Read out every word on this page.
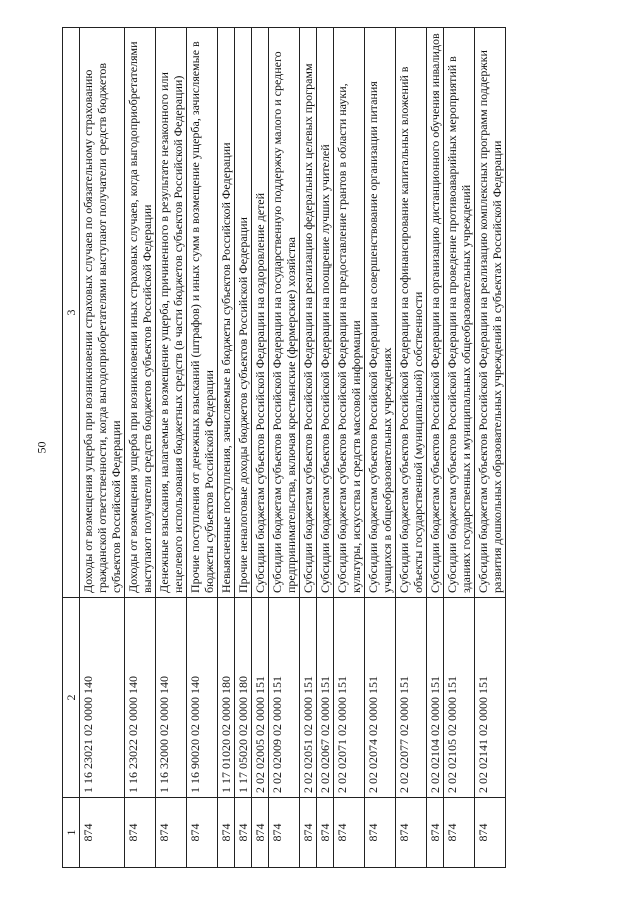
50
1	2	3
874	1 16 23021 02 0000 140	Доходы от возмещения ущерба при возникновении страховых случаев по обязательному страхованию гражданской ответственности, когда выгодоприобретателями выступают получатели средств бюджетов субъектов Российской Федерации
874	1 16 23022 02 0000 140	Доходы от возмещения ущерба при возникновении иных страховых случаев, когда выгодоприобретателями выступают получатели средств бюджетов субъектов Российской Федерации
874	1 16 32000 02 0000 140	Денежные взыскания, налагаемые в возмещение ущерба, причиненного в результате незаконного или нецелевого использования бюджетных средств (в части бюджетов субъектов Российской Федерации)
874	1 16 90020 02 0000 140	Прочие поступления от денежных взысканий (штрафов) и иных сумм в возмещение ущерба, зачисляемые в бюджеты субъектов Российской Федерации
874	1 17 01020 02 0000 180	Невыясненные поступления, зачисляемые в бюджеты субъектов Российской Федерации
874	1 17 05020 02 0000 180	Прочие неналоговые доходы бюджетов субъектов Российской Федерации
874	2 02 02005 02 0000 151	Субсидии бюджетам субъектов Российской Федерации на оздоровление детей
874	2 02 02009 02 0000 151	Субсидии бюджетам субъектов Российской Федерации на государственную поддержку малого и среднего предпринимательства, включая крестьянские (фермерские) хозяйства
874	2 02 02051 02 0000 151	Субсидии бюджетам субъектов Российской Федерации на реализацию федеральных целевых программ
874	2 02 02067 02 0000 151	Субсидии бюджетам субъектов Российской Федерации на поощрение лучших учителей
874	2 02 02071 02 0000 151	Субсидии бюджетам субъектов Российской Федерации на предоставление грантов в области науки, культуры, искусства и средств массовой информации
874	2 02 02074 02 0000 151	Субсидии бюджетам субъектов Российской Федерации на совершенствование организации питания учащихся в общеобразовательных учреждениях
874	2 02 02077 02 0000 151	Субсидии бюджетам субъектов Российской Федерации на софинансирование капитальных вложений в объекты государственной (муниципальной) собственности
874	2 02 02104 02 0000 151	Субсидии бюджетам субъектов Российской Федерации на организацию дистанционного обучения инвалидов
874	2 02 02105 02 0000 151	Субсидии бюджетам субъектов Российской Федерации на проведение противоаварийных мероприятий в зданиях государственных и муниципальных общеобразовательных учреждений
874	2 02 02141 02 0000 151	Субсидии бюджетам субъектов Российской Федерации на реализацию комплексных программ поддержки развития дошкольных образовательных учреждений в субъектах Российской Федерации
